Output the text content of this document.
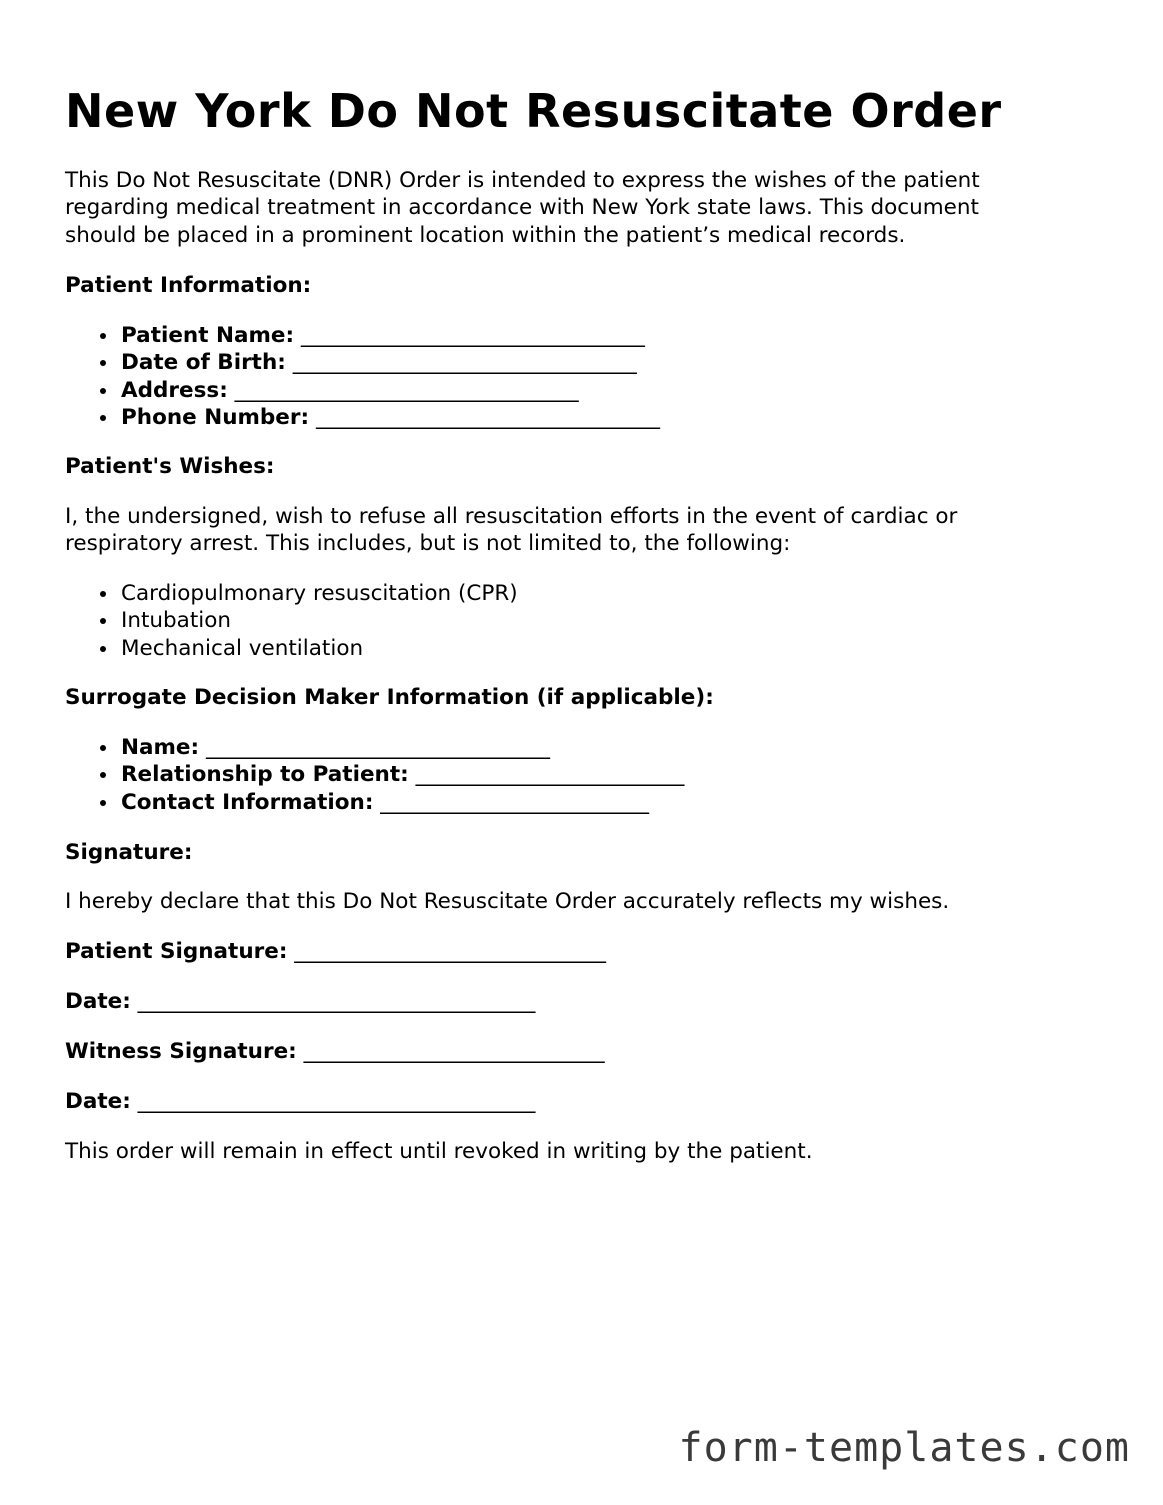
New York Do Not Resuscitate Order

This Do Not Resuscitate (DNR) Order is intended to express the wishes of the patient

regarding medical treatment in accordance with New York state laws. This document

should be placed in a prominent location within the patient’s medical records.

Patient Information:

Patient Name: ________________________________
Date of Birth: ________________________________
Address: ________________________________
Phone Number: ________________________________

Patient's Wishes:

I, the undersigned, wish to refuse all resuscitation efforts in the event of cardiac or

respiratory arrest. This includes, but is not limited to, the following:

Cardiopulmonary resuscitation (CPR)
Intubation
Mechanical ventilation

Surrogate Decision Maker Information (if applicable):

Name: ________________________________
Relationship to Patient: _________________________
Contact Information: _________________________

Signature:

I hereby declare that this Do Not Resuscitate Order accurately reflects my wishes.

Patient Signature: _____________________________

Date: _____________________________________

Witness Signature: ____________________________

Date: _____________________________________

This order will remain in effect until revoked in writing by the patient.

form-templates.com
